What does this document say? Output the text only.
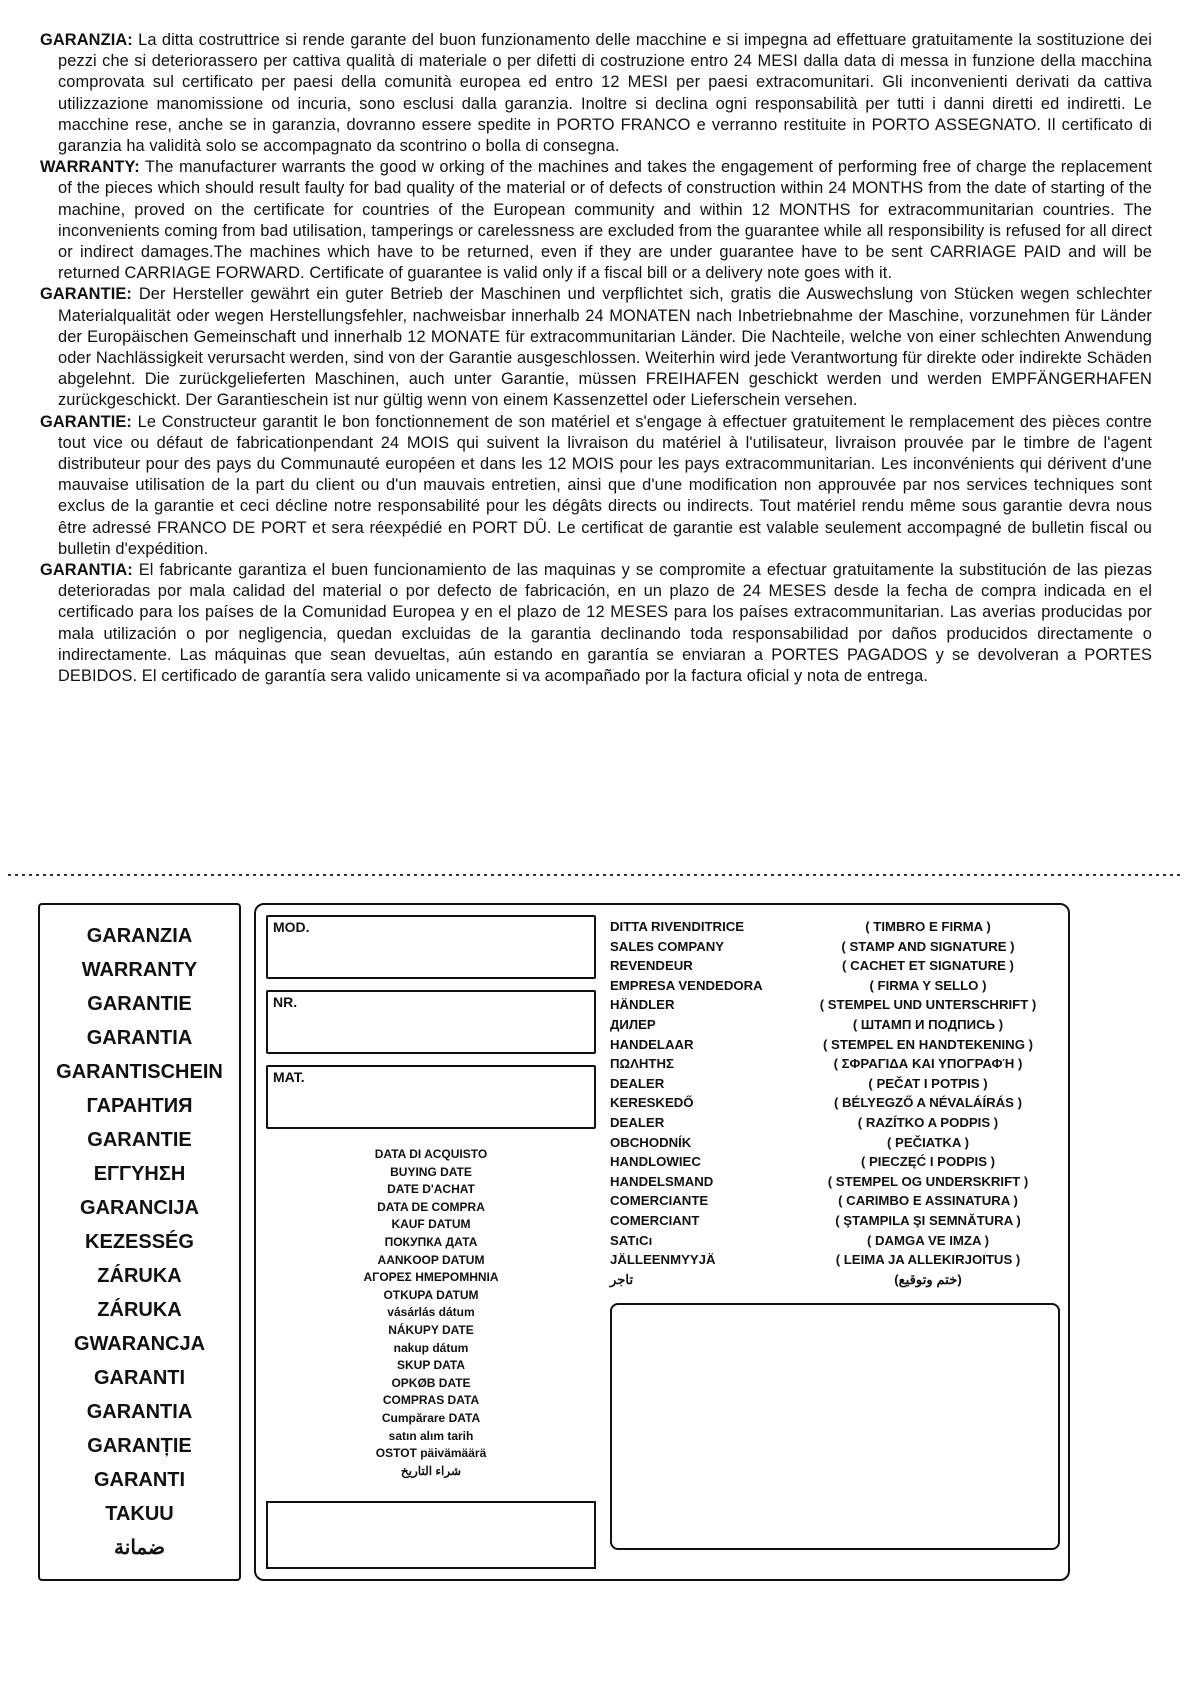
GARANZIA: La ditta costruttrice si rende garante del buon funzionamento delle macchine e si impegna ad effettuare gratuitamente la sostituzione dei pezzi che si deteriorassero per cattiva qualità di materiale o per difetti di costruzione entro 24 MESI dalla data di messa in funzione della macchina comprovata sul certificato per paesi della comunità europea ed entro 12 MESI per paesi extracomunitari. Gli inconvenienti derivati da cattiva utilizzazione manomissione od incuria, sono esclusi dalla garanzia. Inoltre si declina ogni responsabilità per tutti i danni diretti ed indiretti. Le macchine rese, anche se in garanzia, dovranno essere spedite in PORTO FRANCO e verranno restituite in PORTO ASSEGNATO. Il certificato di garanzia ha validità solo se accompagnato da scontrino o bolla di consegna.

WARRANTY: The manufacturer warrants the good w orking of the machines and takes the engagement of performing free of charge the replacement of the pieces which should result faulty for bad quality of the material or of defects of construction within 24 MONTHS from the date of starting of the machine, proved on the certificate for countries of the European community and within 12 MONTHS for extracommunitarian countries. The inconvenients coming from bad utilisation, tamperings or carelessness are excluded from the guarantee while all responsibility is refused for all direct or indirect damages.The machines which have to be returned, even if they are under guarantee have to be sent CARRIAGE PAID and will be returned CARRIAGE FORWARD. Certificate of guarantee is valid only if a fiscal bill or a delivery note goes with it.

GARANTIE: Der Hersteller gewährt ein guter Betrieb der Maschinen und verpflichtet sich, gratis die Auswechslung von Stücken wegen schlechter Materialqualität oder wegen Herstellungsfehler, nachweisbar innerhalb 24 MONATEN nach Inbetriebnahme der Maschine, vorzunehmen für Länder der Europäischen Gemeinschaft und innerhalb 12 MONATE für extracommunitarian Länder. Die Nachteile, welche von einer schlechten Anwendung oder Nachlässigkeit verursacht werden, sind von der Garantie ausgeschlossen. Weiterhin wird jede Verantwortung für direkte oder indirekte Schäden abgelehnt. Die zurückgelieferten Maschinen, auch unter Garantie, müssen FREIHAFEN geschickt werden und werden EMPFÄNGERHAFEN zurückgeschickt. Der Garantieschein ist nur gültig wenn von einem Kassenzettel oder Lieferschein versehen.

GARANTIE: Le Constructeur garantit le bon fonctionnement de son matériel et s'engage à effectuer gratuitement le remplacement des pièces contre tout vice ou défaut de fabricationpendant 24 MOIS qui suivent la livraison du matériel à l'utilisateur, livraison prouvée par le timbre de l'agent distributeur pour des pays du Communauté européen et dans les 12 MOIS pour les pays extracommunitarian. Les inconvénients qui dérivent d'une mauvaise utilisation de la part du client ou d'un mauvais entretien, ainsi que d'une modification non approuvée par nos services techniques sont exclus de la garantie et ceci décline notre responsabilité pour les dégâts directs ou indirects. Tout matériel rendu même sous garantie devra nous être adressé FRANCO DE PORT et sera réexpédié en PORT DÛ. Le certificat de garantie est valable seulement accompagné de bulletin fiscal ou bulletin d'expédition.

GARANTIA: El fabricante garantiza el buen funcionamiento de las maquinas y se compromite a efectuar gratuitamente la substitución de las piezas deterioradas por mala calidad del material o por defecto de fabricación, en un plazo de 24 MESES desde la fecha de compra indicada en el certificado para los países de la Comunidad Europea y en el plazo de 12 MESES para los países extracommunitarian. Las averias producidas por mala utilización o por negligencia, quedan excluidas de la garantia declinando toda responsabilidad por daños producidos directamente o indirectamente. Las máquinas que sean devueltas, aún estando en garantía se enviaran a PORTES PAGADOS y se devolveran a PORTES DEBIDOS. El certificado de garantía sera valido unicamente si va acompañado por la factura oficial y nota de entrega.

GARANZIA
WARRANTY
GARANTIE
GARANTIA
GARANTISCHEIN
ГАРАНТИЯ
GARANTIE
ΕΓΓΥΗΣΗ
GARANCIJA
KEZESSÉG
ZÁRUKA
ZÁRUKA
GWARANCJA
GARANTI
GARANTIA
GARANȚIE
GARANTI
TAKUU
ضمانة
MOD.
NR.
MAT.
DATA DI ACQUISTO
BUYING DATE
DATE D'ACHAT
DATA DE COMPRA
KAUF DATUM
ПОКУПКА ДАТА
AANKOOP DATUM
ΑΓΟΡΕΣ ΗΜΕΡΟΜΗΝΙΑ
OTKUPA DATUM
vásárlás dátum
NÁKUPY DATE
nakup dátum
SKUP DATA
OPKØB DATE
COMPRAS DATA
Cumpărare DATA
satın alım tarih
OSTOT päivämäärä
شراء التاريخ
DITTA RIVENDITRICE	( TIMBRO E FIRMA )
SALES COMPANY	( STAMP AND SIGNATURE )
REVENDEUR	( CACHET ET SIGNATURE )
EMPRESA VENDEDORA	( FIRMA Y SELLO )
HÄNDLER	( STEMPEL UND UNTERSCHRIFT )
ДИЛЕР	( ШТАМП И ПОДПИСЬ )
HANDELAAR	( STEMPEL EN HANDTEKENING )
ΠΩΛΗΤΗΣ	( ΣΦΡΑΓΙΔΑ ΚΑΙ ΥΠΟΓΡΑΦΉ )
DEALER	( PEČAT I POTPIS )
KERESKEDŐ	( BÉLYEGZŐ A NÉVALÁÍRÁS )
DEALER	( RAZÍTKO A PODPIS )
OBCHODNÍK	( PEČIATKA )
HANDLOWIEC	( PIECZĘĆ I PODPIS )
HANDELSMAND	( STEMPEL OG UNDERSKRIFT )
COMERCIANTE	( CARIMBO E ASSINATURA )
COMERCIANT	( ŞTAMPILA ŞI SEMNĂTURA )
SATıCı	( DAMGA VE IMZA )
JÄLLEENMYYJÄ	( LEIMA JA ALLEKIRJOITUS )
تاجر	(ختم وتوقيع)
